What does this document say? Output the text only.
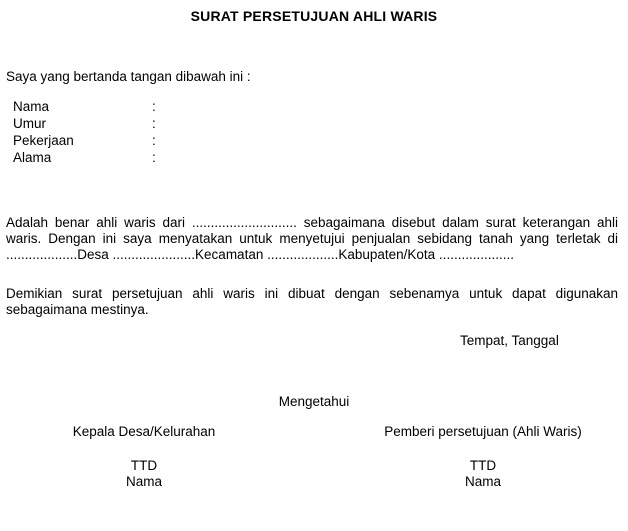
SURAT PERSETUJUAN AHLI WARIS
Saya yang bertanda tangan dibawah ini :
Nama	:
Umur	:
Pekerjaan	:
Alama	:
Adalah benar ahli waris dari ............................ sebagaimana disebut dalam surat keterangan ahli
waris. Dengan ini saya menyatakan untuk menyetujui penjualan sebidang tanah yang terletak di
...................Desa ......................Kecamatan ...................Kabupaten/Kota ....................
Demikian surat persetujuan ahli waris ini dibuat dengan sebenamya untuk dapat digunakan
sebagaimana mestinya.
Tempat, Tanggal
Mengetahui
Kepala Desa/Kelurahan
TTD
Nama
Pemberi persetujuan (Ahli Waris)
TTD
Nama
